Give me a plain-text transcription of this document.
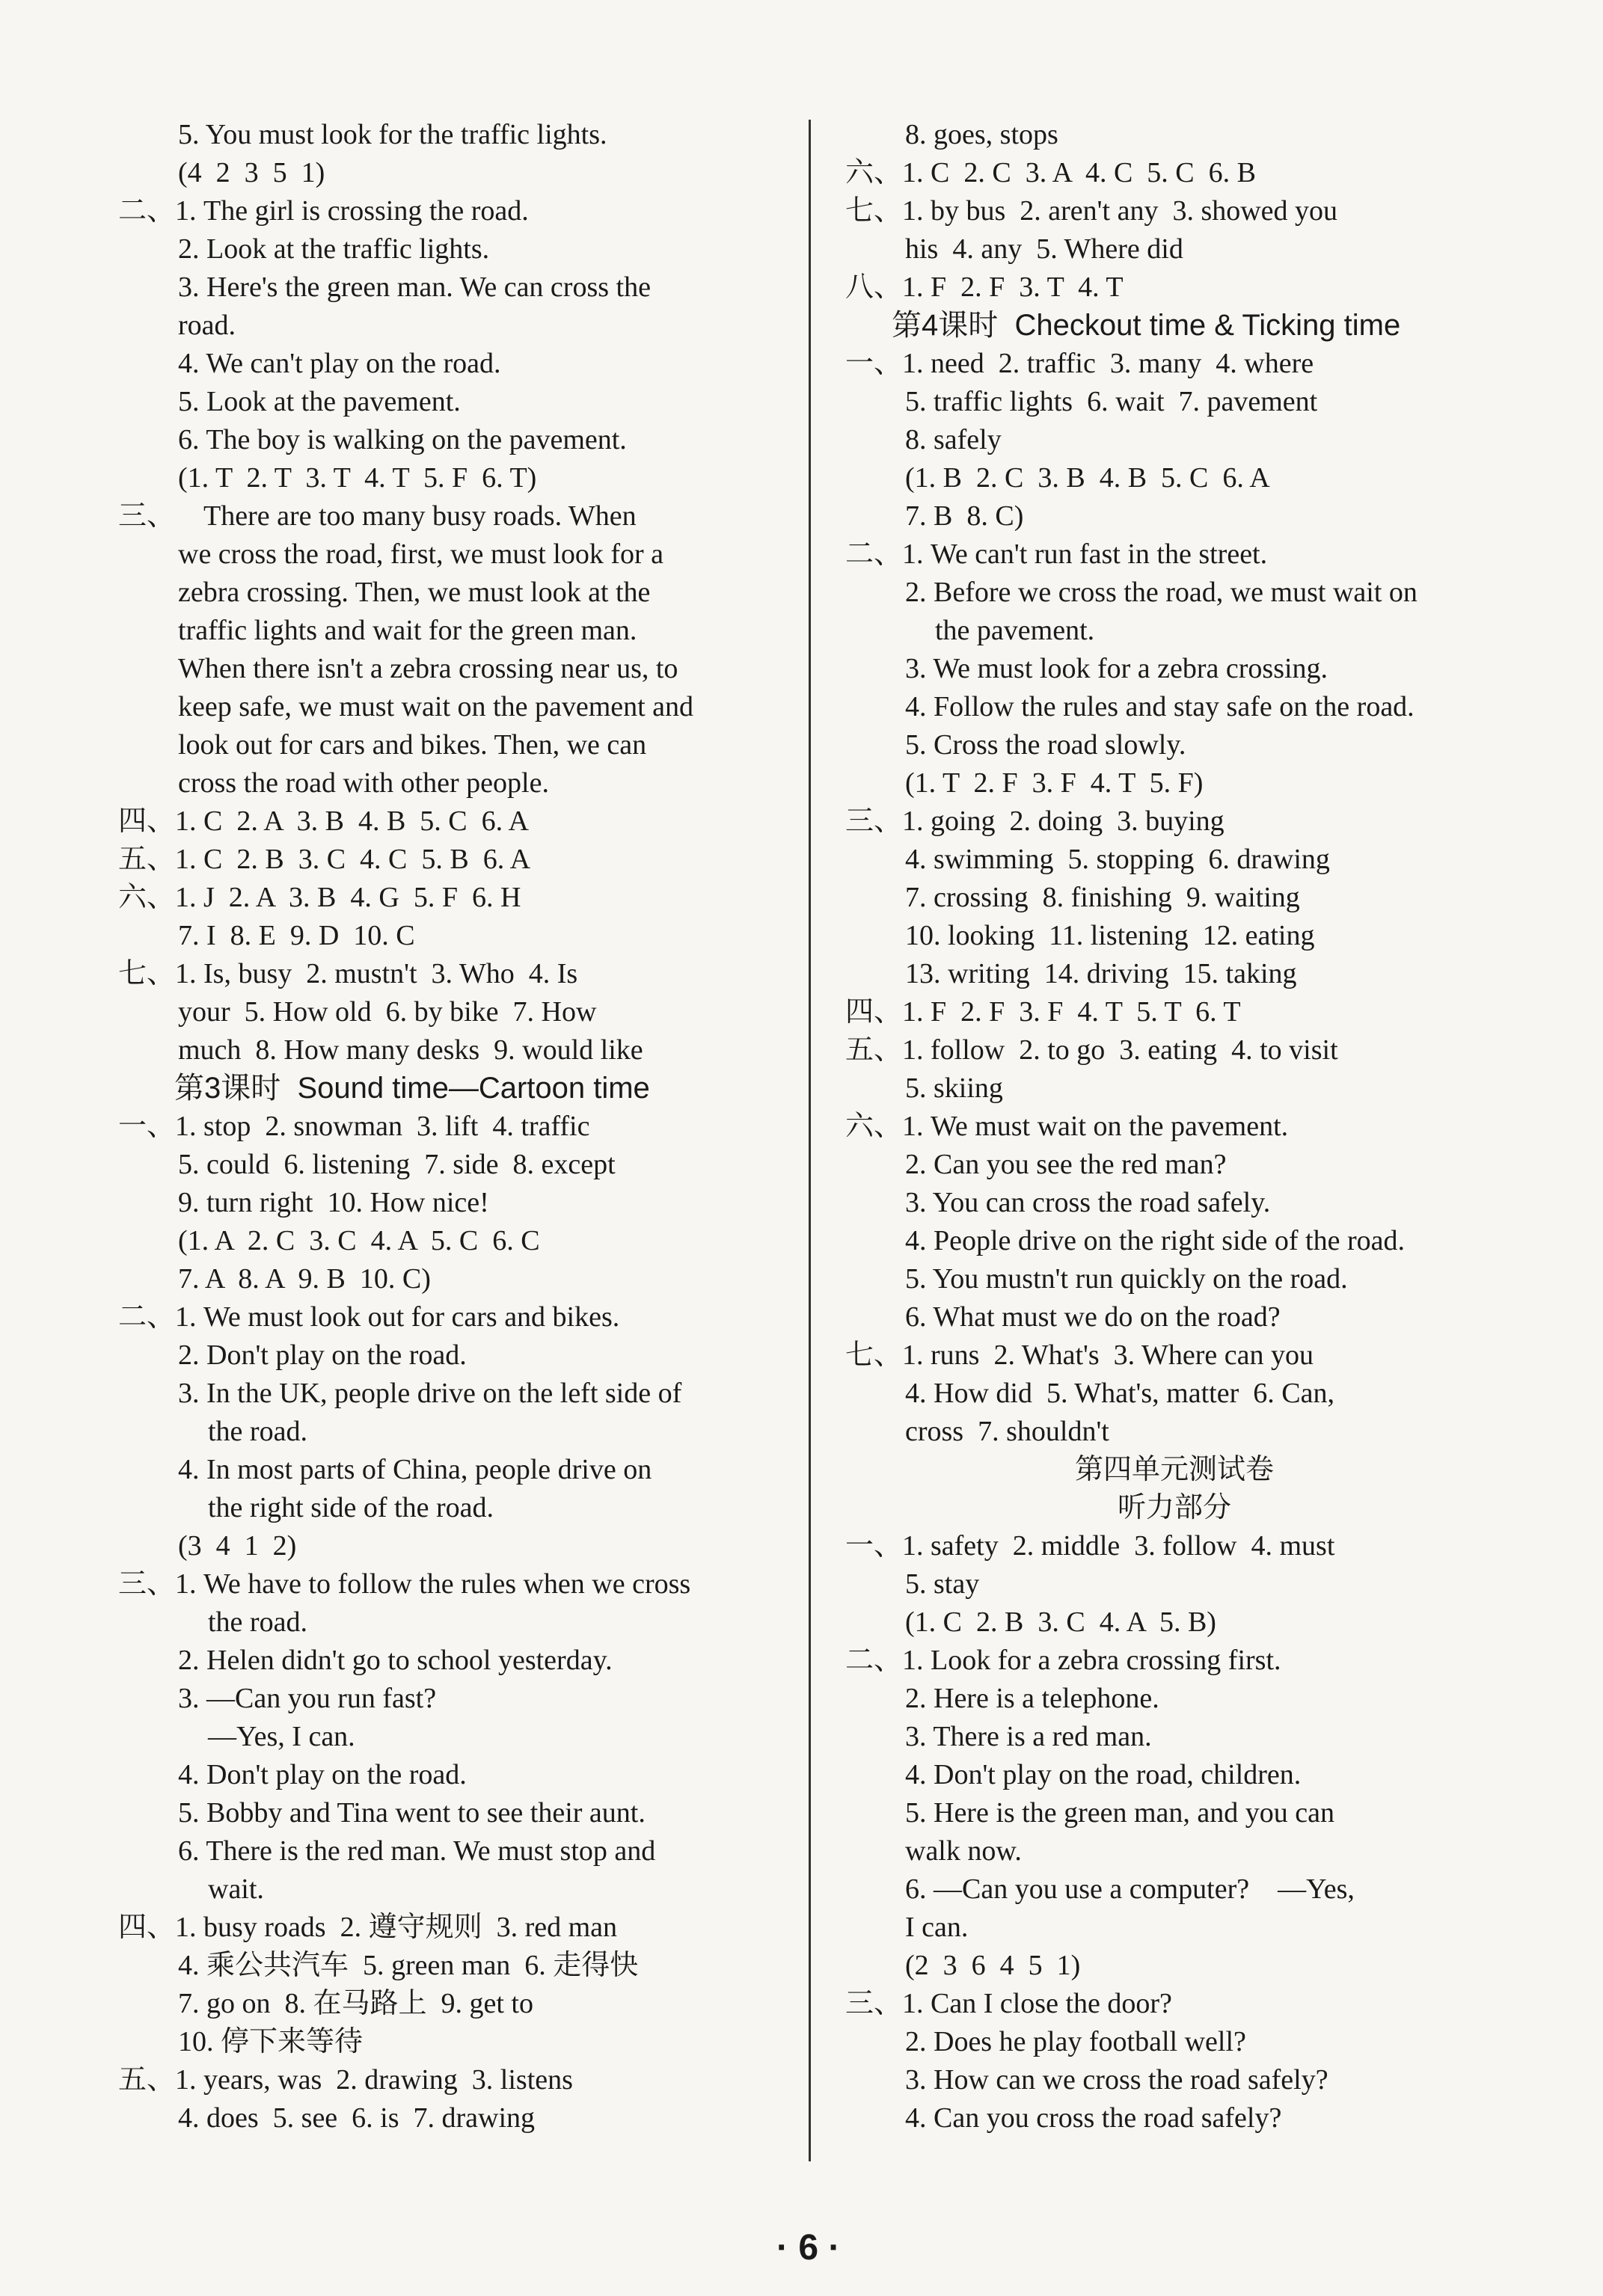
5. You must look for the traffic lights.
(4  2  3  5  1)
二、1. The girl is crossing the road.
2. Look at the traffic lights.
3. Here's the green man. We can cross the
road.
4. We can't play on the road.
5. Look at the pavement.
6. The boy is walking on the pavement.
(1. T  2. T  3. T  4. T  5. F  6. T)
三、    There are too many busy roads. When
we cross the road, first, we must look for a
zebra crossing. Then, we must look at the
traffic lights and wait for the green man.
When there isn't a zebra crossing near us, to
keep safe, we must wait on the pavement and
look out for cars and bikes. Then, we can
cross the road with other people.
四、1. C  2. A  3. B  4. B  5. C  6. A
五、1. C  2. B  3. C  4. C  5. B  6. A
六、1. J  2. A  3. B  4. G  5. F  6. H
7. I  8. E  9. D  10. C
七、1. Is, busy  2. mustn't  3. Who  4. Is
your  5. How old  6. by bike  7. How
much  8. How many desks  9. would like
第3课时  Sound time—Cartoon time
一、1. stop  2. snowman  3. lift  4. traffic
5. could  6. listening  7. side  8. except
9. turn right  10. How nice!
(1. A  2. C  3. C  4. A  5. C  6. C
7. A  8. A  9. B  10. C)
二、1. We must look out for cars and bikes.
2. Don't play on the road.
3. In the UK, people drive on the left side of
the road.
4. In most parts of China, people drive on
the right side of the road.
(3  4  1  2)
三、1. We have to follow the rules when we cross
the road.
2. Helen didn't go to school yesterday.
3. —Can you run fast?
—Yes, I can.
4. Don't play on the road.
5. Bobby and Tina went to see their aunt.
6. There is the red man. We must stop and
wait.
四、1. busy roads  2. 遵守规则  3. red man
4. 乘公共汽车  5. green man  6. 走得快
7. go on  8. 在马路上  9. get to
10. 停下来等待
五、1. years, was  2. drawing  3. listens
4. does  5. see  6. is  7. drawing
8. goes, stops
六、1. C  2. C  3. A  4. C  5. C  6. B
七、1. by bus  2. aren't any  3. showed you
his  4. any  5. Where did
八、1. F  2. F  3. T  4. T
第4课时  Checkout time & Ticking time
一、1. need  2. traffic  3. many  4. where
5. traffic lights  6. wait  7. pavement
8. safely
(1. B  2. C  3. B  4. B  5. C  6. A
7. B  8. C)
二、1. We can't run fast in the street.
2. Before we cross the road, we must wait on
the pavement.
3. We must look for a zebra crossing.
4. Follow the rules and stay safe on the road.
5. Cross the road slowly.
(1. T  2. F  3. F  4. T  5. F)
三、1. going  2. doing  3. buying
4. swimming  5. stopping  6. drawing
7. crossing  8. finishing  9. waiting
10. looking  11. listening  12. eating
13. writing  14. driving  15. taking
四、1. F  2. F  3. F  4. T  5. T  6. T
五、1. follow  2. to go  3. eating  4. to visit
5. skiing
六、1. We must wait on the pavement.
2. Can you see the red man?
3. You can cross the road safely.
4. People drive on the right side of the road.
5. You mustn't run quickly on the road.
6. What must we do on the road?
七、1. runs  2. What's  3. Where can you
4. How did  5. What's, matter  6. Can,
cross  7. shouldn't
第四单元测试卷
听力部分
一、1. safety  2. middle  3. follow  4. must
5. stay
(1. C  2. B  3. C  4. A  5. B)
二、1. Look for a zebra crossing first.
2. Here is a telephone.
3. There is a red man.
4. Don't play on the road, children.
5. Here is the green man, and you can
walk now.
6. —Can you use a computer?    —Yes,
I can.
(2  3  6  4  5  1)
三、1. Can I close the door?
2. Does he play football well?
3. How can we cross the road safely?
4. Can you cross the road safely?
· 6 ·
